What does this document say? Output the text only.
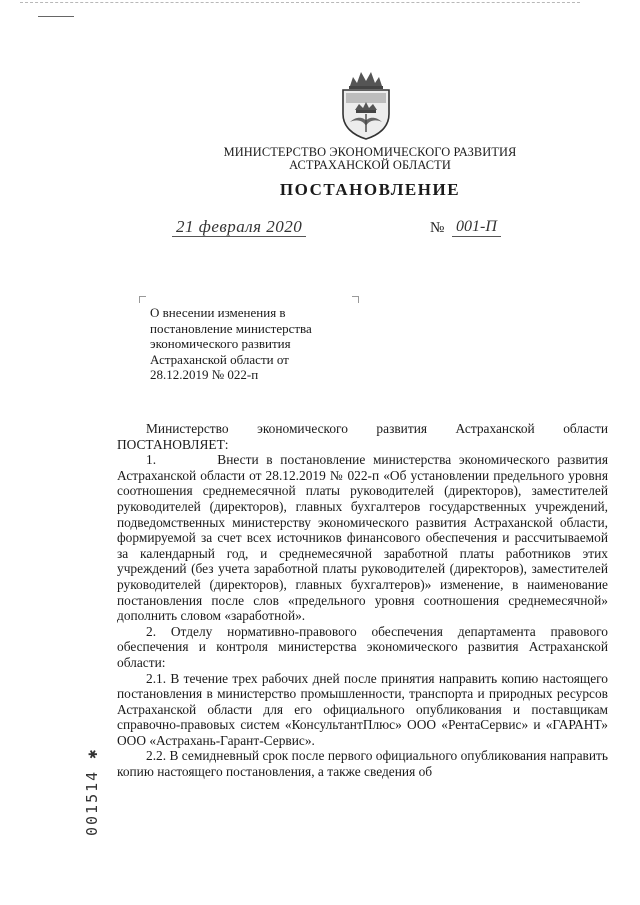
МИНИСТЕРСТВО ЭКОНОМИЧЕСКОГО РАЗВИТИЯ
АСТРАХАНСКОЙ ОБЛАСТИ
ПОСТАНОВЛЕНИЕ
21 февраля 2020	№ 001-П
О внесении изменения в
постановление министерства
экономического развития
Астраханской области от
28.12.2019 № 022-п

Министерство экономического развития Астраханской области

ПОСТАНОВЛЯЕТ:

1.        Внести в постановление министерства экономического развития Астраханской области от 28.12.2019 № 022-п «Об установлении предельного уровня соотношения среднемесячной платы руководителей (директоров), заместителей руководителей (директоров), главных бухгалтеров государственных учреждений, подведомственных министерству экономического развития Астраханской области, формируемой за счет всех источников финансового обеспечения и рассчитываемой за календарный год, и среднемесячной заработной платы работников этих учреждений (без учета заработной платы руководителей (директоров), заместителей руководителей (директоров), главных бухгалтеров)» изменение, в наименование постановления после слов «предельного уровня соотношения среднемесячной» дополнить словом «заработной».

2. Отделу нормативно-правового обеспечения департамента правового обеспечения и контроля министерства экономического развития Астраханской области:

2.1. В течение трех рабочих дней после принятия направить копию настоящего постановления в министерство промышленности, транспорта и природных ресурсов Астраханской области для его официального опубликования и поставщикам справочно-правовых систем «КонсультантПлюс» ООО «РентаСервис» и «ГАРАНТ» ООО «Астрахань-Гарант-Сервис».

2.2. В семидневный срок после первого официального опубликования направить копию настоящего постановления, а также сведения об

001514 ✱
